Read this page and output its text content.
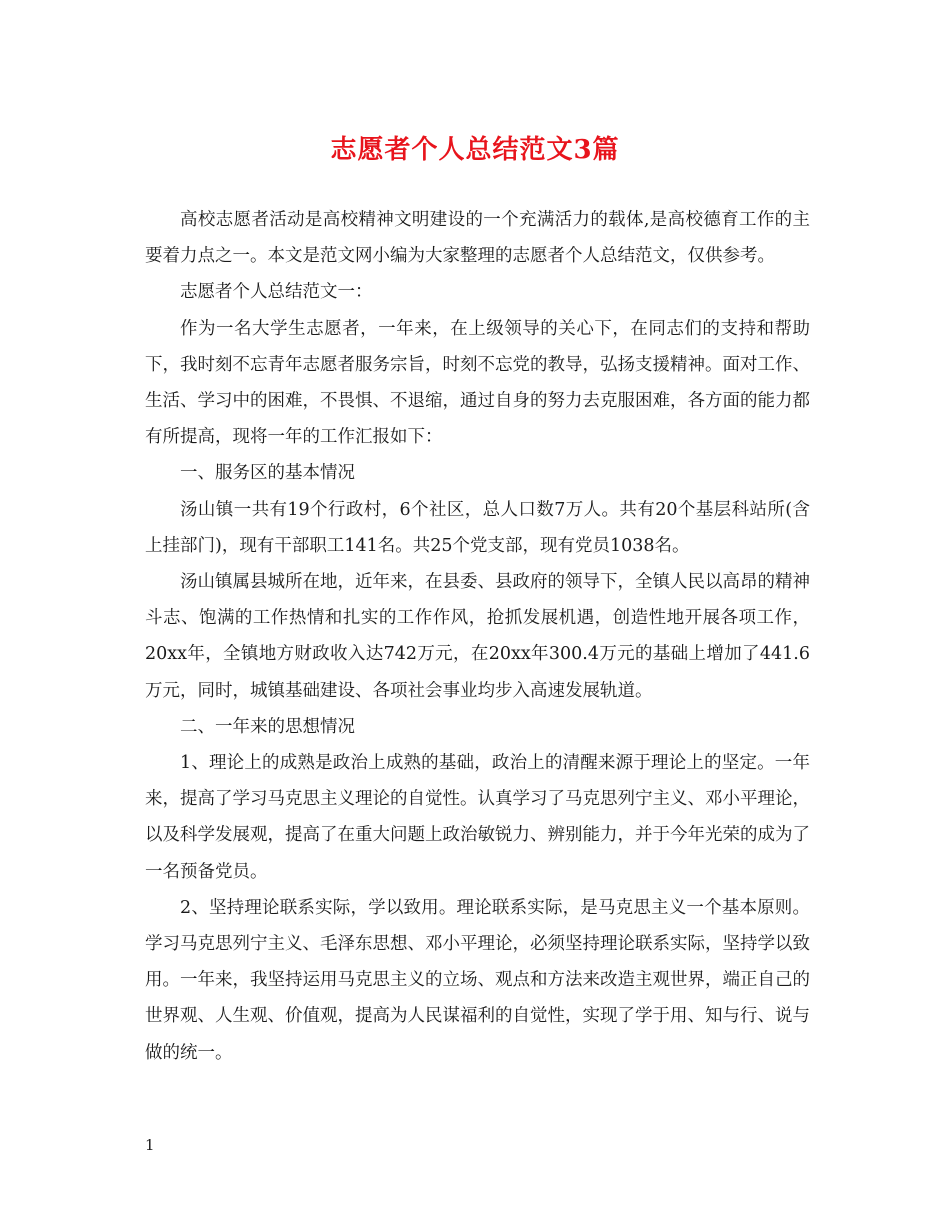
志愿者个人总结范文3篇

高校志愿者活动是高校精神文明建设的一个充满活力的载体,是高校德育工作的主要着力点之一。本文是范文网小编为大家整理的志愿者个人总结范文，仅供参考。

志愿者个人总结范文一：

作为一名大学生志愿者，一年来，在上级领导的关心下，在同志们的支持和帮助下，我时刻不忘青年志愿者服务宗旨，时刻不忘党的教导，弘扬支援精神。面对工作、生活、学习中的困难，不畏惧、不退缩，通过自身的努力去克服困难，各方面的能力都有所提高，现将一年的工作汇报如下：

一、服务区的基本情况

汤山镇一共有19个行政村，6个社区，总人口数7万人。共有20个基层科站所(含上挂部门)，现有干部职工141名。共25个党支部，现有党员1038名。

汤山镇属县城所在地，近年来，在县委、县政府的领导下，全镇人民以高昂的精神斗志、饱满的工作热情和扎实的工作作风，抢抓发展机遇，创造性地开展各项工作，20xx年，全镇地方财政收入达742万元，在20xx年300.4万元的基础上增加了441.6万元，同时，城镇基础建设、各项社会事业均步入高速发展轨道。

二、一年来的思想情况

1、理论上的成熟是政治上成熟的基础，政治上的清醒来源于理论上的坚定。一年来，提高了学习马克思主义理论的自觉性。认真学习了马克思列宁主义、邓小平理论，以及科学发展观，提高了在重大问题上政治敏锐力、辨别能力，并于今年光荣的成为了一名预备党员。

2、坚持理论联系实际，学以致用。理论联系实际，是马克思主义一个基本原则。学习马克思列宁主义、毛泽东思想、邓小平理论，必须坚持理论联系实际，坚持学以致用。一年来，我坚持运用马克思主义的立场、观点和方法来改造主观世界，端正自己的世界观、人生观、价值观，提高为人民谋福利的自觉性，实现了学于用、知与行、说与做的统一。

1
